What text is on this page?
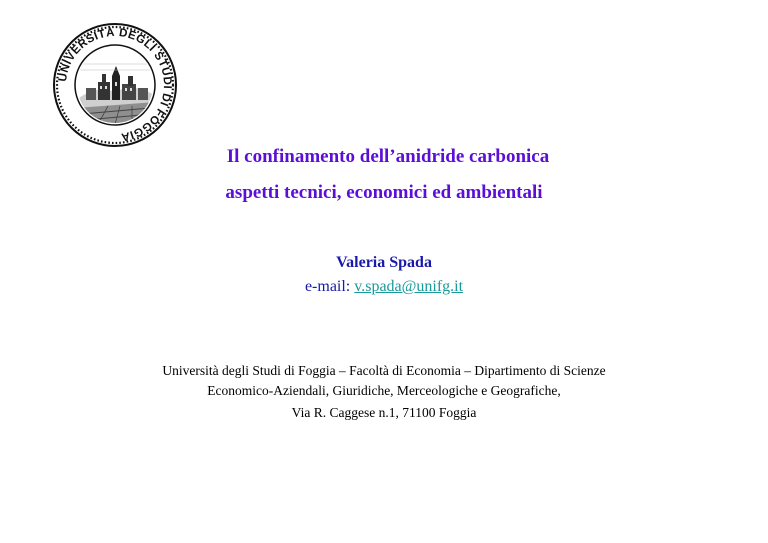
UNIVERSITÀ DEGLI STUDI DI FOGGIA
Il confinamento dell’anidride carbonica
aspetti tecnici, economici ed ambientali
Valeria Spada
e-mail: v.spada@unifg.it
Università degli Studi di Foggia – Facoltà di Economia – Dipartimento di Scienze
Economico-Aziendali, Giuridiche, Merceologiche e Geografiche,
Via R. Caggese n.1, 71100 Foggia
